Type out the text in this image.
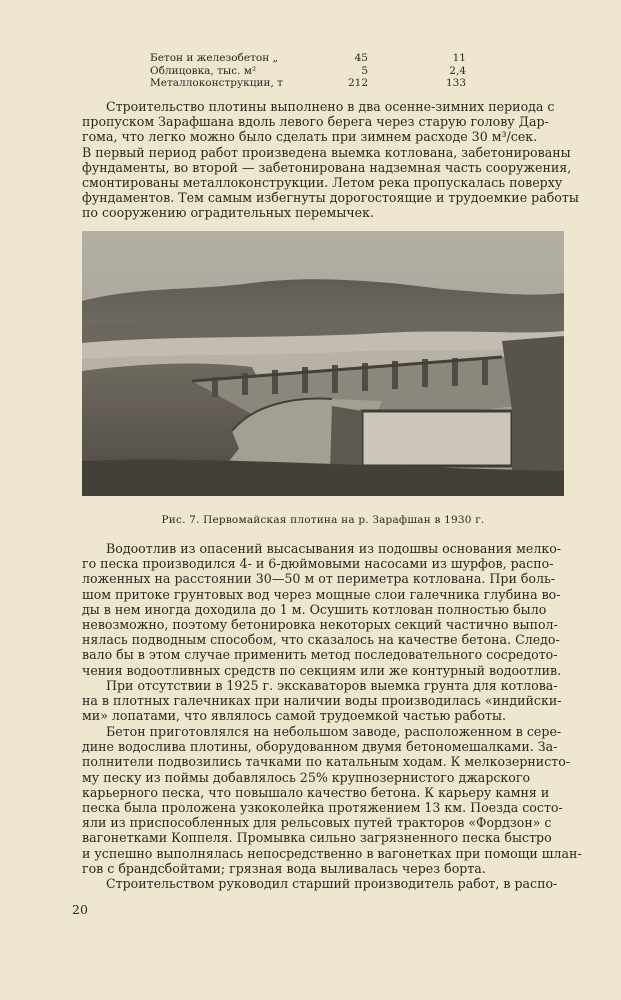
Бетон и железобетон „	45	11
Облицовка, тыс. м²	5	2,4
Металлоконструкции, т	212	133

Строительство плотины выполнено в два осенне-зимних периода с
пропуском Зарафшана вдоль левого берега через старую голову Дар-
гома, что легко можно было сделать при зимнем расходе 30 м³/сек.
В первый период работ произведена выемка котлована, забетонированы
фундаменты, во второй — забетонирована надземная часть сооружения,
смонтированы металлоконструкции. Летом река пропускалась поверху
фундаментов. Тем самым избегнуты дорогостоящие и трудоемкие работы
по сооружению оградительных перемычек.

Рис. 7. Первомайская плотина на р. Зарафшан в 1930 г.

Водоотлив из опасений высасывания из подошвы основания мелко-
го песка производился 4- и 6-дюймовыми насосами из шурфов, распо-
ложенных на расстоянии 30—50 м от периметра котлована. При боль-
шом притоке грунтовых вод через мощные слои галечника глубина во-
ды в нем иногда доходила до 1 м. Осушить котлован полностью было
невозможно, поэтому бетонировка некоторых секций частично выпол-
нялась подводным способом, что сказалось на качестве бетона. Следо-
вало бы в этом случае применить метод последовательного сосредото-
чения водоотливных средств по секциям или же контурный водоотлив.

При отсутствии в 1925 г. экскаваторов выемка грунта для котлова-
на в плотных галечниках при наличии воды производилась «индийски-
ми» лопатами, что являлось самой трудоемкой частью работы.

Бетон приготовлялся на небольшом заводе, расположенном в сере-
дине водослива плотины, оборудованном двумя бетономешалками. За-
полнители подвозились тачками по катальным ходам. К мелкозернисто-
му песку из поймы добавлялось 25% крупнозернистого джарского
карьерного песка, что повышало качество бетона. К карьеру камня и
песка была проложена узкоколейка протяжением 13 км. Поезда состо-
яли из приспособленных для рельсовых путей тракторов «Фордзон» с
вагонетками Коппеля. Промывка сильно загрязненного песка быстро
и успешно выполнялась непосредственно в вагонетках при помощи шлан-
гов с брандсбойтами; грязная вода выливалась через борта.

Строительством руководил старший производитель работ, в распо-

20
